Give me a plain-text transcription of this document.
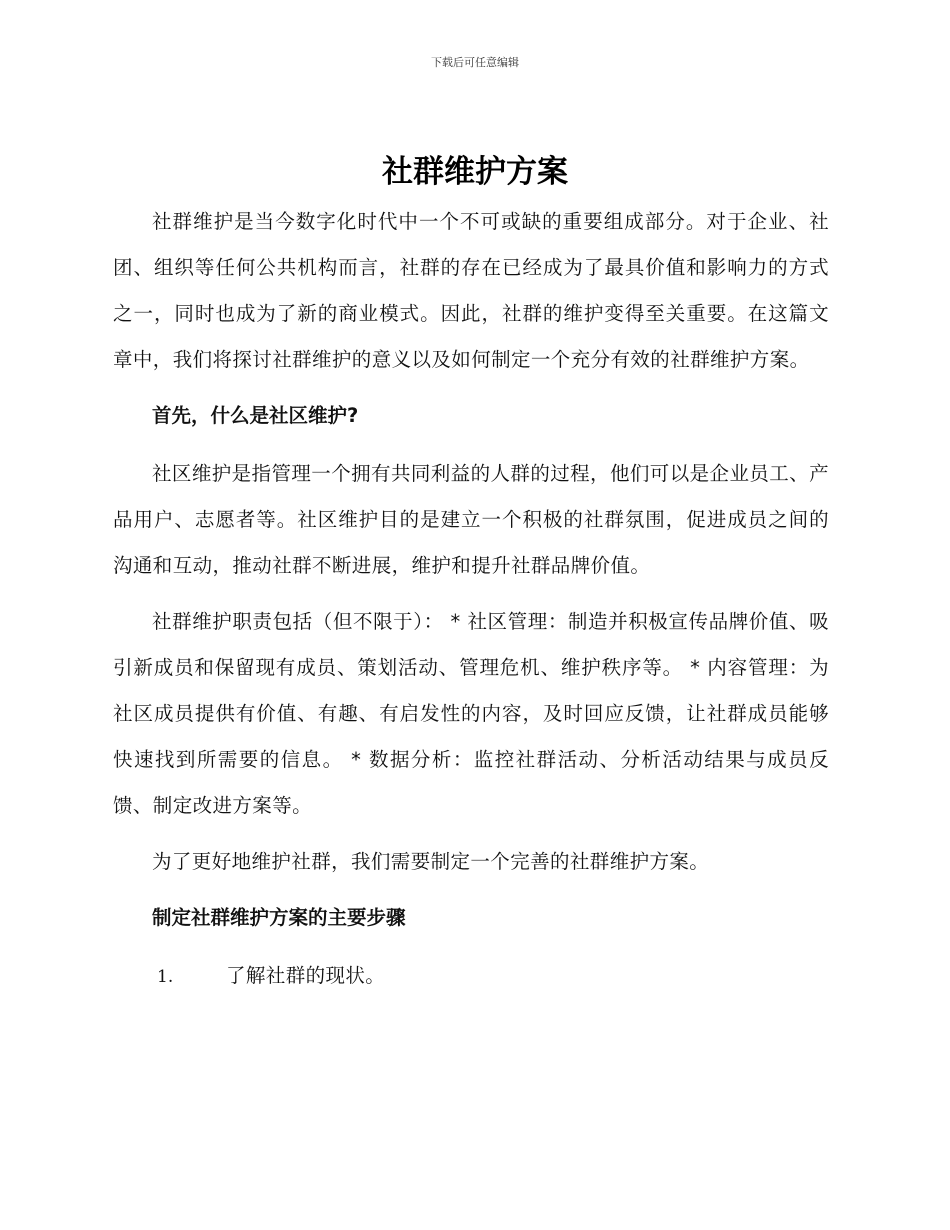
下载后可任意编辑
社群维护方案

社群维护是当今数字化时代中一个不可或缺的重要组成部分。对于企业、社团、组织等任何公共机构而言，社群的存在已经成为了最具价值和影响力的方式之一，同时也成为了新的商业模式。因此，社群的维护变得至关重要。在这篇文章中，我们将探讨社群维护的意义以及如何制定一个充分有效的社群维护方案。

首先，什么是社区维护?

社区维护是指管理一个拥有共同利益的人群的过程，他们可以是企业员工、产品用户、志愿者等。社区维护目的是建立一个积极的社群氛围，促进成员之间的沟通和互动，推动社群不断进展，维护和提升社群品牌价值。

社群维护职责包括（但不限于）： * 社区管理：制造并积极宣传品牌价值、吸引新成员和保留现有成员、策划活动、管理危机、维护秩序等。 * 内容管理：为社区成员提供有价值、有趣、有启发性的内容，及时回应反馈，让社群成员能够快速找到所需要的信息。 * 数据分析：监控社群活动、分析活动结果与成员反馈、制定改进方案等。

为了更好地维护社群，我们需要制定一个完善的社群维护方案。

制定社群维护方案的主要步骤

1.	了解社群的现状。
